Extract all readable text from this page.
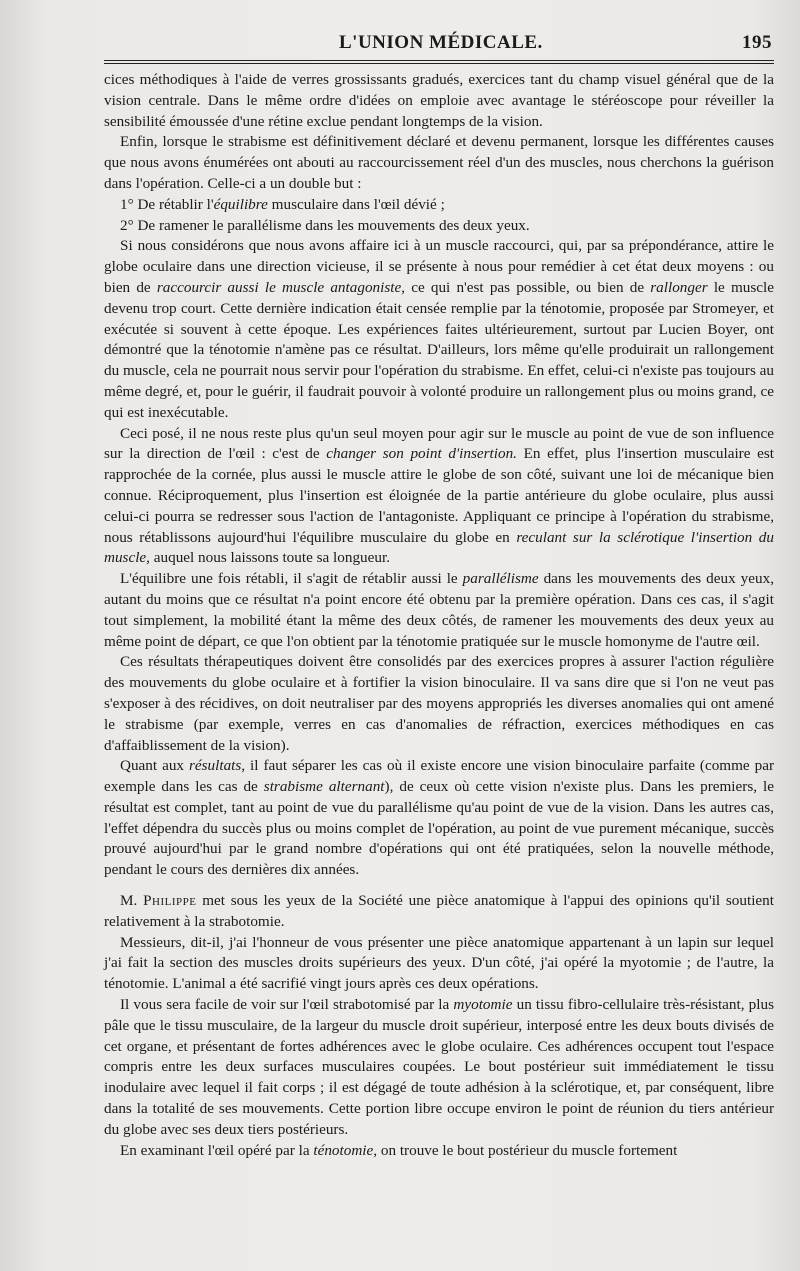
L'UNION MÉDICALE.	195

cices méthodiques à l'aide de verres grossissants gradués, exercices tant du champ visuel général que de la vision centrale. Dans le même ordre d'idées on emploie avec avantage le stéréoscope pour réveiller la sensibilité émoussée d'une rétine exclue pendant longtemps de la vision.

Enfin, lorsque le strabisme est définitivement déclaré et devenu permanent, lorsque les différentes causes que nous avons énumérées ont abouti au raccourcissement réel d'un des muscles, nous cherchons la guérison dans l'opération. Celle-ci a un double but :

1° De rétablir l'équilibre musculaire dans l'œil dévié ;

2° De ramener le parallélisme dans les mouvements des deux yeux.

Si nous considérons que nous avons affaire ici à un muscle raccourci, qui, par sa prépondérance, attire le globe oculaire dans une direction vicieuse, il se présente à nous pour remédier à cet état deux moyens : ou bien de raccourcir aussi le muscle antagoniste, ce qui n'est pas possible, ou bien de rallonger le muscle devenu trop court. Cette dernière indication était censée remplie par la ténotomie, proposée par Stromeyer, et exécutée si souvent à cette époque. Les expériences faites ultérieurement, surtout par Lucien Boyer, ont démontré que la ténotomie n'amène pas ce résultat. D'ailleurs, lors même qu'elle produirait un rallongement du muscle, cela ne pourrait nous servir pour l'opération du strabisme. En effet, celui-ci n'existe pas toujours au même degré, et, pour le guérir, il faudrait pouvoir à volonté produire un rallongement plus ou moins grand, ce qui est inexécutable.

Ceci posé, il ne nous reste plus qu'un seul moyen pour agir sur le muscle au point de vue de son influence sur la direction de l'œil : c'est de changer son point d'insertion. En effet, plus l'insertion musculaire est rapprochée de la cornée, plus aussi le muscle attire le globe de son côté, suivant une loi de mécanique bien connue. Réciproquement, plus l'insertion est éloignée de la partie antérieure du globe oculaire, plus aussi celui-ci pourra se redresser sous l'action de l'antagoniste. Appliquant ce principe à l'opération du strabisme, nous rétablissons aujourd'hui l'équilibre musculaire du globe en reculant sur la sclérotique l'insertion du muscle, auquel nous laissons toute sa longueur.

L'équilibre une fois rétabli, il s'agit de rétablir aussi le parallélisme dans les mouvements des deux yeux, autant du moins que ce résultat n'a point encore été obtenu par la première opération. Dans ces cas, il s'agit tout simplement, la mobilité étant la même des deux côtés, de ramener les mouvements des deux yeux au même point de départ, ce que l'on obtient par la ténotomie pratiquée sur le muscle homonyme de l'autre œil.

Ces résultats thérapeutiques doivent être consolidés par des exercices propres à assurer l'action régulière des mouvements du globe oculaire et à fortifier la vision binoculaire. Il va sans dire que si l'on ne veut pas s'exposer à des récidives, on doit neutraliser par des moyens appropriés les diverses anomalies qui ont amené le strabisme (par exemple, verres en cas d'anomalies de réfraction, exercices méthodiques en cas d'affaiblissement de la vision).

Quant aux résultats, il faut séparer les cas où il existe encore une vision binoculaire parfaite (comme par exemple dans les cas de strabisme alternant), de ceux où cette vision n'existe plus. Dans les premiers, le résultat est complet, tant au point de vue du parallélisme qu'au point de vue de la vision. Dans les autres cas, l'effet dépendra du succès plus ou moins complet de l'opération, au point de vue purement mécanique, succès prouvé aujourd'hui par le grand nombre d'opérations qui ont été pratiquées, selon la nouvelle méthode, pendant le cours des dernières dix années.

M. Philippe met sous les yeux de la Société une pièce anatomique à l'appui des opinions qu'il soutient relativement à la strabotomie.

Messieurs, dit-il, j'ai l'honneur de vous présenter une pièce anatomique appartenant à un lapin sur lequel j'ai fait la section des muscles droits supérieurs des yeux. D'un côté, j'ai opéré la myotomie ; de l'autre, la ténotomie. L'animal a été sacrifié vingt jours après ces deux opérations.

Il vous sera facile de voir sur l'œil strabotomisé par la myotomie un tissu fibro-cellulaire très-résistant, plus pâle que le tissu musculaire, de la largeur du muscle droit supérieur, interposé entre les deux bouts divisés de cet organe, et présentant de fortes adhérences avec le globe oculaire. Ces adhérences occupent tout l'espace compris entre les deux surfaces musculaires coupées. Le bout postérieur suit immédiatement le tissu inodulaire avec lequel il fait corps ; il est dégagé de toute adhésion à la sclérotique, et, par conséquent, libre dans la totalité de ses mouvements. Cette portion libre occupe environ le point de réunion du tiers antérieur du globe avec ses deux tiers postérieurs.

En examinant l'œil opéré par la ténotomie, on trouve le bout postérieur du muscle fortement
